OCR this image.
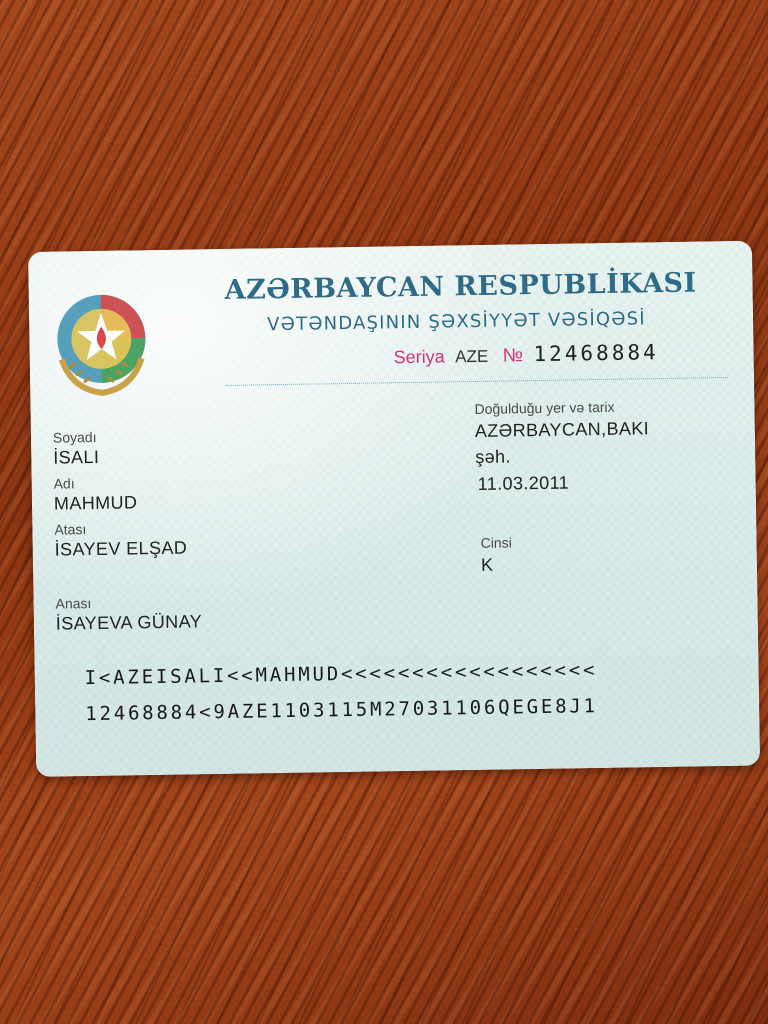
AZƏRBAYCAN RESPUBLİKASI
VƏTƏNDAŞININ ŞƏXSİYYƏT VƏSİQƏSİ
Seriya AZE № 12468884
Soyadı
İSALI
Adı
MAHMUD
Atası
İSAYEV ELŞAD
Anası
İSAYEVA GÜNAY
Doğulduğu yer və tarix
AZƏRBAYCAN,BAKI
şəh.
11.03.2011
Cinsi
K
I<AZEISALI<<MAHMUD<<<<<<<<<<<<<<<<<<
12468884<9AZE1103115M27031106QEGE8J1
